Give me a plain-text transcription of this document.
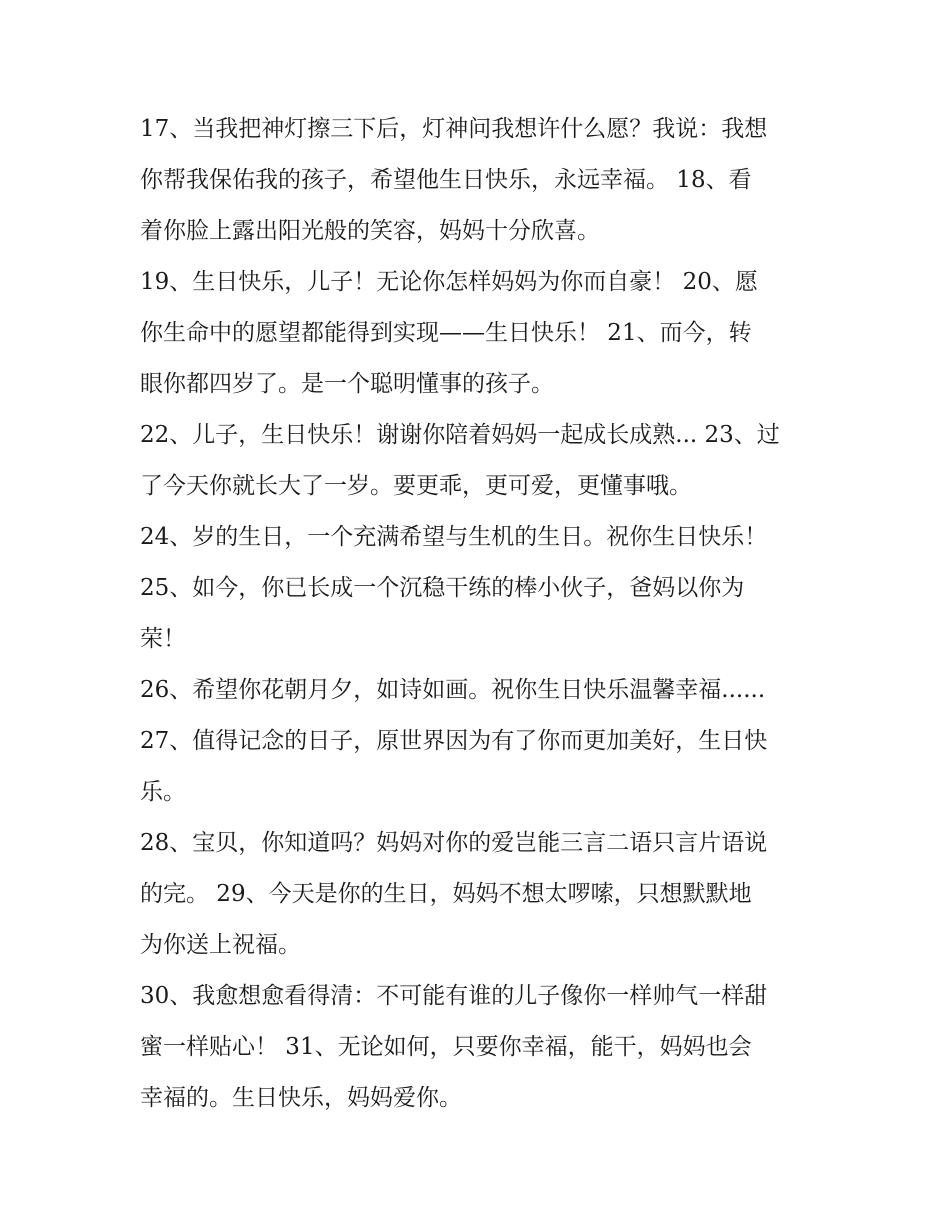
17、当我把神灯擦三下后，灯神问我想许什么愿？我说：我想
你帮我保佑我的孩子，希望他生日快乐，永远幸福。 18、看
着你脸上露出阳光般的笑容，妈妈十分欣喜。
19、生日快乐，儿子！无论你怎样妈妈为你而自豪！ 20、愿
你生命中的愿望都能得到实现——生日快乐！ 21、而今，转
眼你都四岁了。是一个聪明懂事的孩子。
22、儿子，生日快乐！谢谢你陪着妈妈一起成长成熟... 23、过
了今天你就长大了一岁。要更乖，更可爱，更懂事哦。
24、岁的生日，一个充满希望与生机的生日。祝你生日快乐！
25、如今，你已长成一个沉稳干练的棒小伙子，爸妈以你为
荣！
26、希望你花朝月夕，如诗如画。祝你生日快乐温馨幸福......
27、值得记念的日子，原世界因为有了你而更加美好，生日快
乐。
28、宝贝，你知道吗？妈妈对你的爱岂能三言二语只言片语说
的完。 29、今天是你的生日，妈妈不想太啰嗦，只想默默地
为你送上祝福。
30、我愈想愈看得清：不可能有谁的儿子像你一样帅气一样甜
蜜一样贴心！ 31、无论如何，只要你幸福，能干，妈妈也会
幸福的。生日快乐，妈妈爱你。
